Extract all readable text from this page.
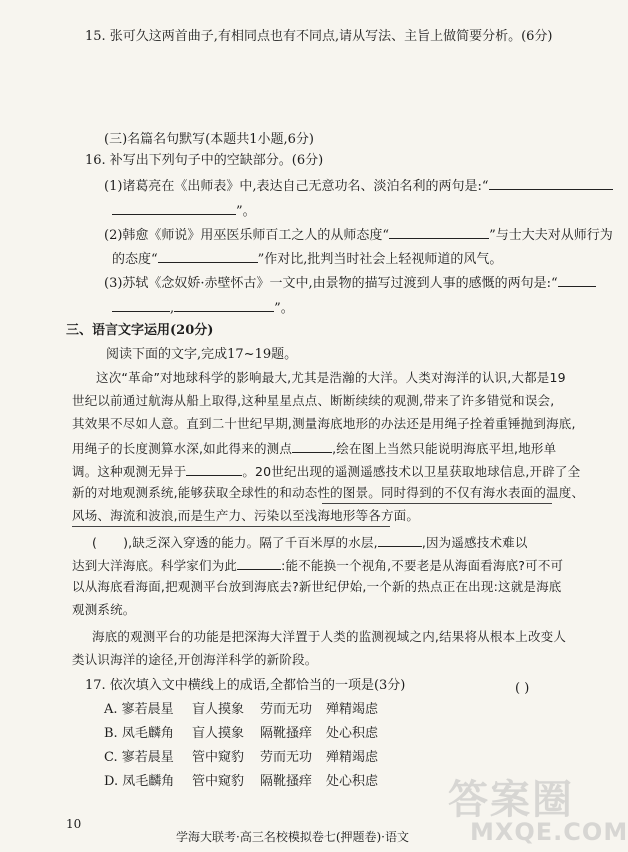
15. 张可久这两首曲子,有相同点也有不同点,请从写法、主旨上做简要分析。(6分)
(三)名篇名句默写(本题共1小题,6分)
16. 补写出下列句子中的空缺部分。(6分)
(1)诸葛亮在《出师表》中,表达自己无意功名、淡泊名利的两句是:“
”。
(2)韩愈《师说》用巫医乐师百工之人的从师态度“	”与士大夫对从师行为
的态度“	”作对比,批判当时社会上轻视师道的风气。
(3)苏轼《念奴娇·赤壁怀古》一文中,由景物的描写过渡到人事的感慨的两句是:“
,	”。
三、语言文字运用(20分)
阅读下面的文字,完成17~19题。
这次“革命”对地球科学的影响最大,尤其是浩瀚的大洋。人类对海洋的认识,大都是19
世纪以前通过航海从船上取得,这种星星点点、断断续续的观测,带来了许多错觉和误会,
其效果不尽如人意。直到二十世纪早期,测量海底地形的办法还是用绳子拴着重锤抛到海底,
用绳子的长度测算水深,如此得来的测点	,绘在图上当然只能说明海底平坦,地形单
调。这种观测无异于	。20世纪出现的遥测遥感技术以卫星获取地球信息,开辟了全
新的对地观测系统,能够获取全球性的和动态性的图景。同时得到的不仅有海水表面的温度、
风场、海流和波浪,而是生产力、污染以至浅海地形等各方面。
( ),缺乏深入穿透的能力。隔了千百米厚的水层,	,因为遥感技术难以
达到大洋海底。科学家们为此	:能不能换一个视角,不要老是从海面看海底?可不可
以从海底看海面,把观测平台放到海底去?新世纪伊始,一个新的热点正在出现:这就是海底
观测系统。
海底的观测平台的功能是把深海大洋置于人类的监测视域之内,结果将从根本上改变人
类认识海洋的途径,开创海洋科学的新阶段。
17. 依次填入文中横线上的成语,全都恰当的一项是(3分)	( )
A. 寥若晨星 盲人摸象 劳而无功 殚精竭虑
B. 凤毛麟角 盲人摸象 隔靴搔痒 处心积虑
C. 寥若晨星 管中窥豹 劳而无功 殚精竭虑
D. 凤毛麟角 管中窥豹 隔靴搔痒 处心积虑
10
学海大联考·高三名校模拟卷七(押题卷)·语文
答案圈
MXQE.COM
